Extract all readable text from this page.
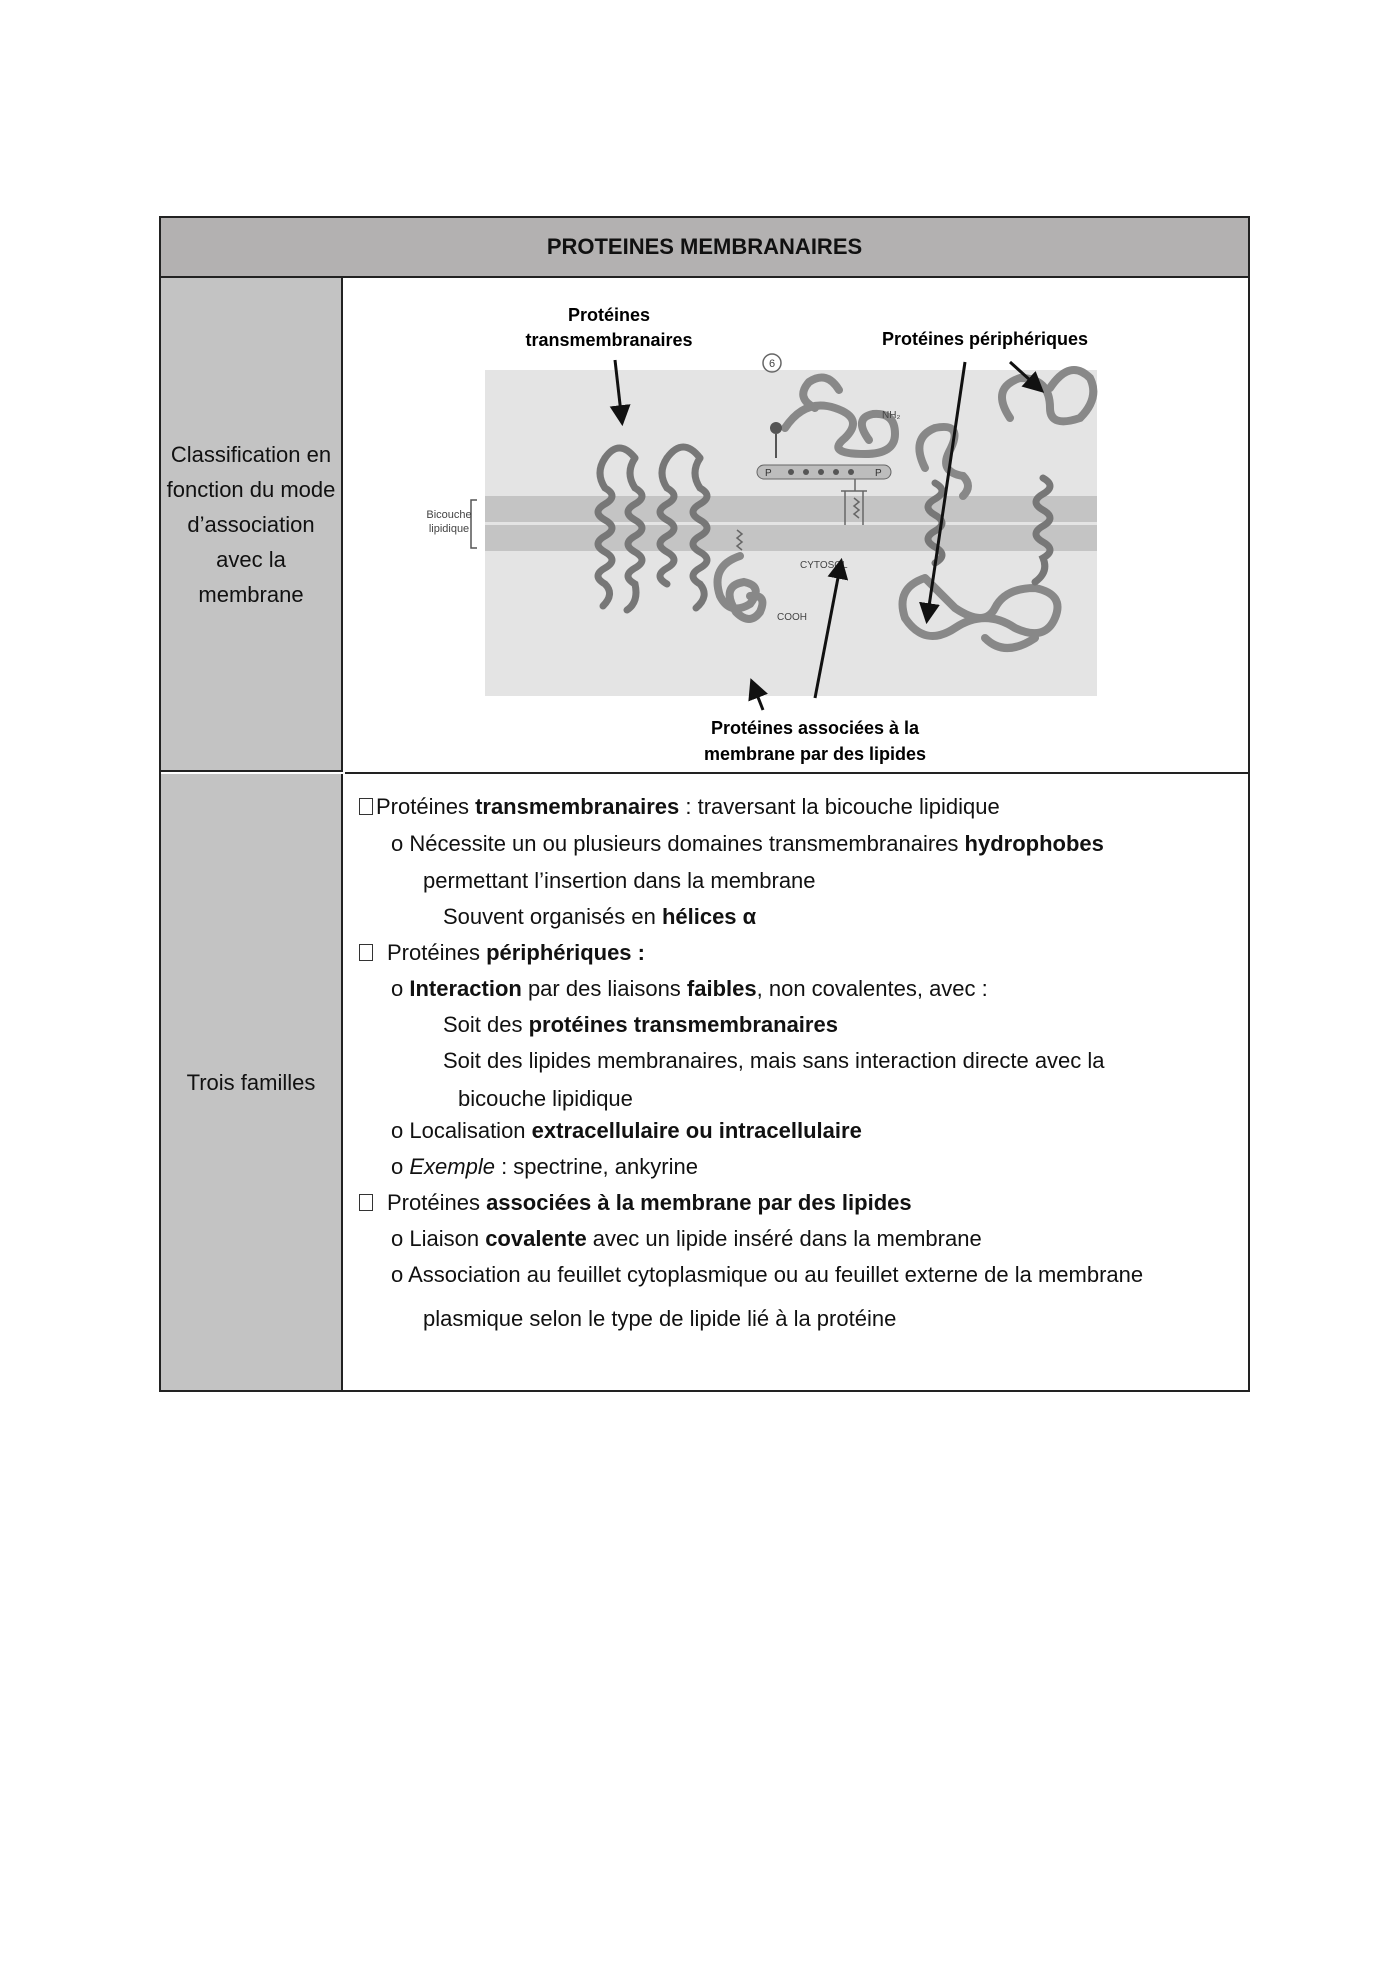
PROTEINES MEMBRANAIRES
Classification en fonction du mode d’association avec la membrane
Bicouche
lipidique
6
NH₂
P	P
COOH
CYTOSOL
Protéines
transmembranaires	Protéines périphériques
Protéines associées à la
membrane par des lipides
Trois familles
Protéines transmembranaires : traversant la bicouche lipidique
o Nécessite un ou plusieurs domaines transmembranaires hydrophobes
permettant l’insertion dans la membrane
Souvent organisés en hélices α
Protéines périphériques :
o Interaction par des liaisons faibles, non covalentes, avec :
Soit des protéines transmembranaires
Soit des lipides membranaires, mais sans interaction directe avec la
bicouche lipidique
o Localisation extracellulaire ou intracellulaire
o Exemple : spectrine, ankyrine
Protéines associées à la membrane par des lipides
o Liaison covalente avec un lipide inséré dans la membrane
o Association au feuillet cytoplasmique ou au feuillet externe de la membrane
plasmique selon le type de lipide lié à la protéine
